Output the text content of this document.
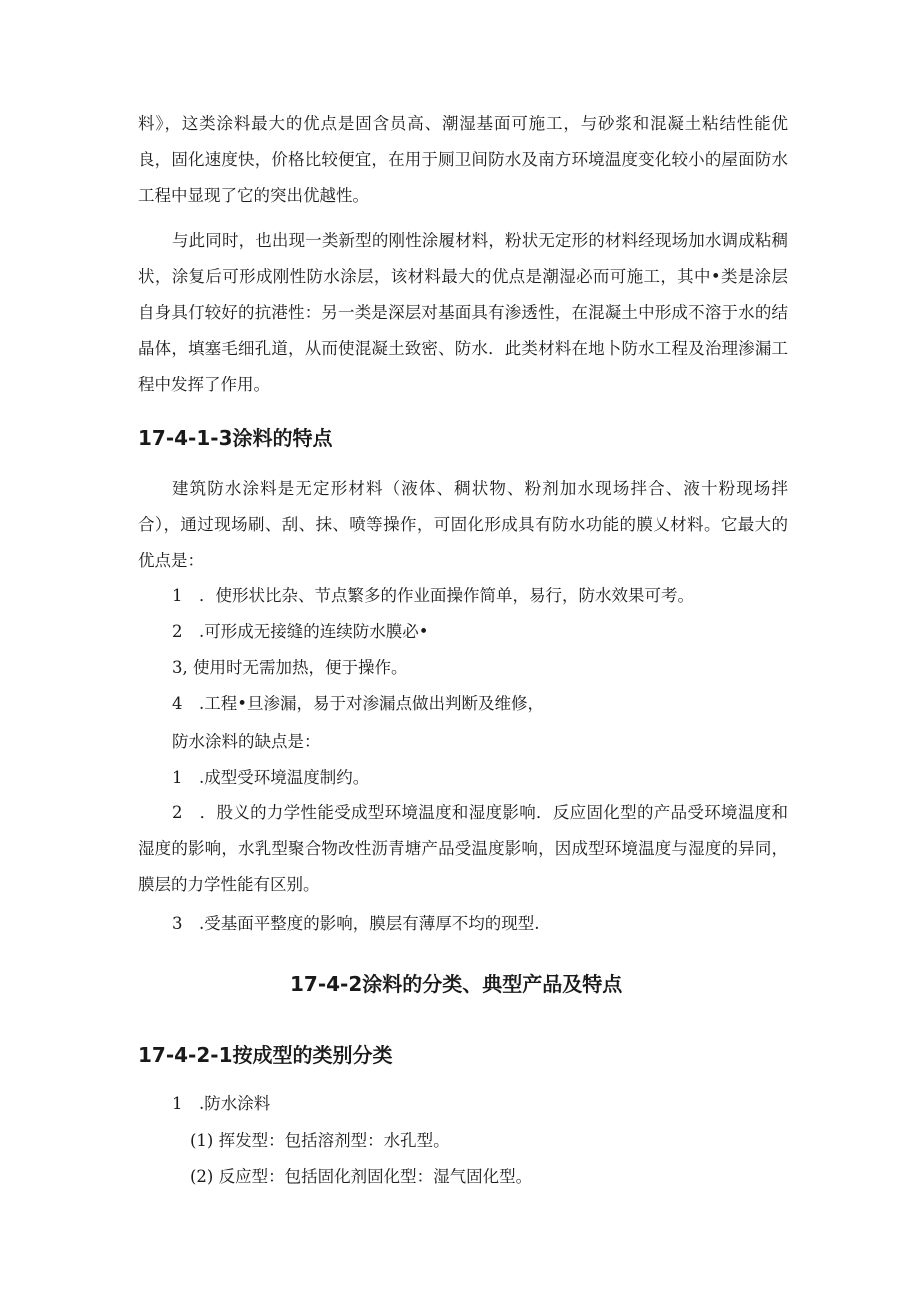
料》，这类涂料最大的优点是固含员高、潮湿基面可施工，与砂浆和混凝土粘结性能优良，固化速度快，价格比较便宜，在用于厕卫间防水及南方环境温度变化较小的屋面防水工程中显现了它的突出优越性。

与此同时，也出现一类新型的刚性涂履材料，粉状无定形的材料经现场加水调成粘稠状，涂复后可形成刚性防水涂层，该材料最大的优点是潮湿必而可施工，其中•类是涂层自身具仃较好的抗港性：另一类是深层对基面具有渗透性，在混凝土中形成不溶于水的结晶体，填塞毛细孔道，从而使混凝土致密、防水．此类材料在地卜防水工程及治理渗漏工程中发挥了作用。

17-4-1-3涂料的特点

建筑防水涂料是无定形材料（液体、稠状物、粉剂加水现场拌合、液十粉现场拌合），通过现场刷、刮、抹、喷等操作，可固化形成具有防水功能的膜乂材料。它最大的优点是：

1　．使形状比杂、节点繁多的作业面操作简单，易行，防水效果可考。

2　.可形成无接缝的连续防水膜必•

3, 使用时无需加热，便于操作。

4　.工程•旦渗漏，易于对渗漏点做出判断及维修，

防水涂料的缺点是：

1　.成型受环境温度制约。

2　．股义的力学性能受成型环境温度和湿度影响．反应固化型的产品受环境温度和湿度的影响，水乳型聚合物改性沥青塘产品受温度影响，因成型环境温度与湿度的异同，膜层的力学性能有区别。

3　.受基面平整度的影响，膜层有薄厚不均的现型.

17-4-2涂料的分类、典型产品及特点
17-4-2-1按成型的类别分类

1　.防水涂料

(1) 挥发型：包括溶剂型：水孔型。

(2) 反应型：包括固化剂固化型：湿气固化型。
